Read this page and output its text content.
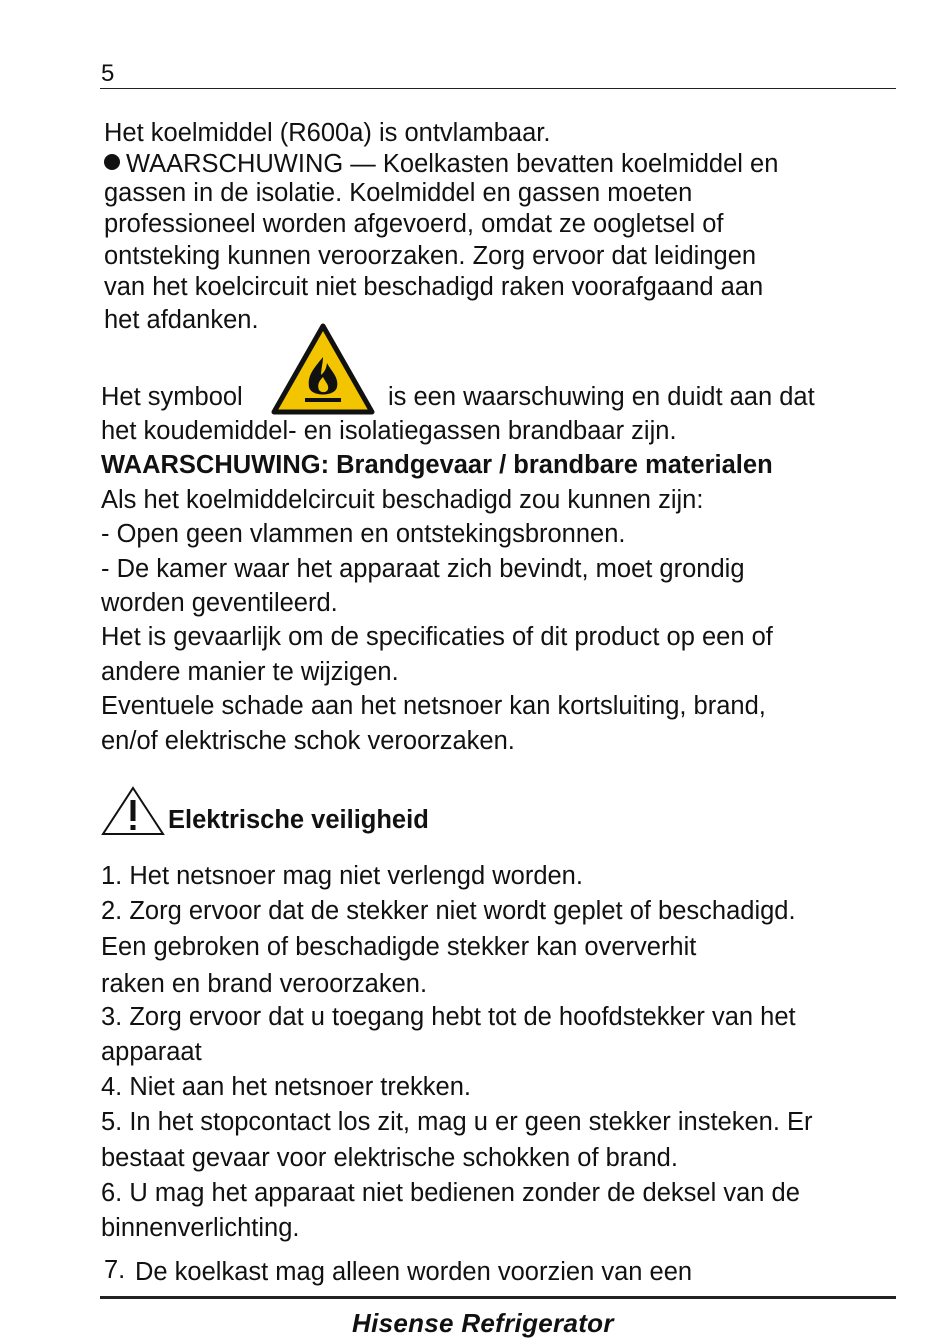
5
Het koelmiddel (R600a) is ontvlambaar.
WAARSCHUWING — Koelkasten bevatten koelmiddel en
gassen in de isolatie. Koelmiddel en gassen moeten
professioneel worden afgevoerd, omdat ze oogletsel of
ontsteking kunnen veroorzaken. Zorg ervoor dat leidingen
van het koelcircuit niet beschadigd raken voorafgaand aan
het afdanken.
Het symbool	is een waarschuwing en duidt aan dat
het koudemiddel- en isolatiegassen brandbaar zijn.
WAARSCHUWING: Brandgevaar / brandbare materialen
Als het koelmiddelcircuit beschadigd zou kunnen zijn:
- Open geen vlammen en ontstekingsbronnen.
- De kamer waar het apparaat zich bevindt, moet grondig
worden geventileerd.
Het is gevaarlijk om de specificaties of dit product op een of
andere manier te wijzigen.
Eventuele schade aan het netsnoer kan kortsluiting, brand,
en/of elektrische schok veroorzaken.
Elektrische veiligheid
1. Het netsnoer mag niet verlengd worden.
2. Zorg ervoor dat de stekker niet wordt geplet of beschadigd.
Een gebroken of beschadigde stekker kan oververhit
raken en brand veroorzaken.
3. Zorg ervoor dat u toegang hebt tot de hoofdstekker van het
apparaat
4. Niet aan het netsnoer trekken.
5. In het stopcontact los zit, mag u er geen stekker insteken. Er
bestaat gevaar voor elektrische schokken of brand.
6. U mag het apparaat niet bedienen zonder de deksel van de
binnenverlichting.
7. De koelkast mag alleen worden voorzien van een
Hisense Refrigerator
